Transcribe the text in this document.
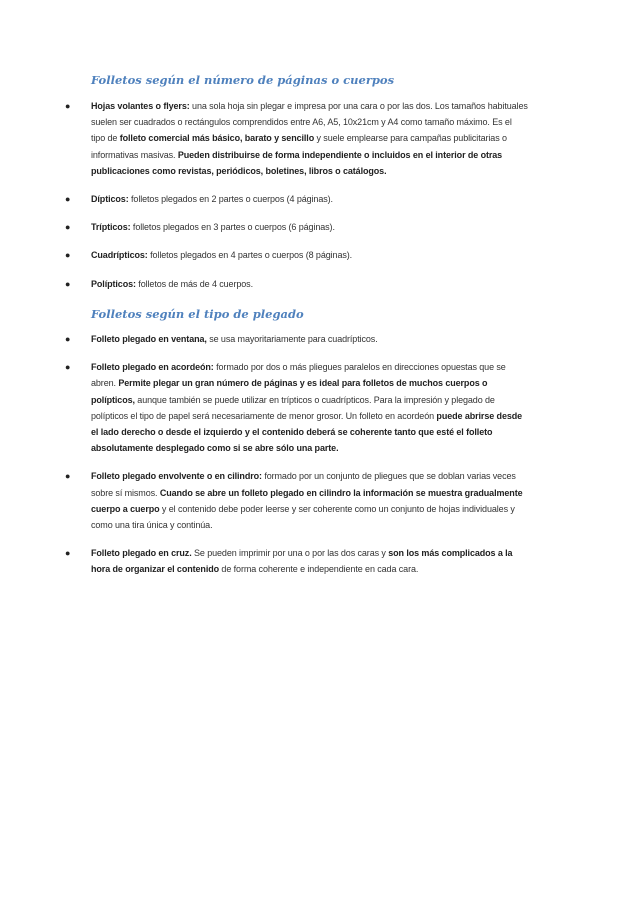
Folletos según el número de páginas o cuerpos
● Hojas volantes o flyers: una sola hoja sin plegar e impresa por una cara o por las dos. Los tamaños habituales suelen ser cuadrados o rectángulos comprendidos entre A6, A5, 10x21cm y A4 como tamaño máximo. Es el tipo de folleto comercial más básico, barato y sencillo y suele emplearse para campañas publicitarias o informativas masivas. Pueden distribuirse de forma independiente o incluidos en el interior de otras publicaciones como revistas, periódicos, boletines, libros o catálogos.
● Dípticos: folletos plegados en 2 partes o cuerpos (4 páginas).
● Trípticos: folletos plegados en 3 partes o cuerpos (6 páginas).
● Cuadrípticos: folletos plegados en 4 partes o cuerpos (8 páginas).
● Polípticos: folletos de más de 4 cuerpos.
Folletos según el tipo de plegado
● Folleto plegado en ventana, se usa mayoritariamente para cuadrípticos.
● Folleto plegado en acordeón: formado por dos o más pliegues paralelos en direcciones opuestas que se abren. Permite plegar un gran número de páginas y es ideal para folletos de muchos cuerpos o polípticos, aunque también se puede utilizar en trípticos o cuadrípticos. Para la impresión y plegado de polípticos el tipo de papel será necesariamente de menor grosor. Un folleto en acordeón puede abrirse desde el lado derecho o desde el izquierdo y el contenido deberá se coherente tanto que esté el folleto absolutamente desplegado como si se abre sólo una parte.
● Folleto plegado envolvente o en cilindro: formado por un conjunto de pliegues que se doblan varias veces sobre sí mismos. Cuando se abre un folleto plegado en cilindro la información se muestra gradualmente cuerpo a cuerpo y el contenido debe poder leerse y ser coherente como un conjunto de hojas individuales y como una tira única y continúa.
● Folleto plegado en cruz. Se pueden imprimir por una o por las dos caras y son los más complicados a la hora de organizar el contenido de forma coherente e independiente en cada cara.
